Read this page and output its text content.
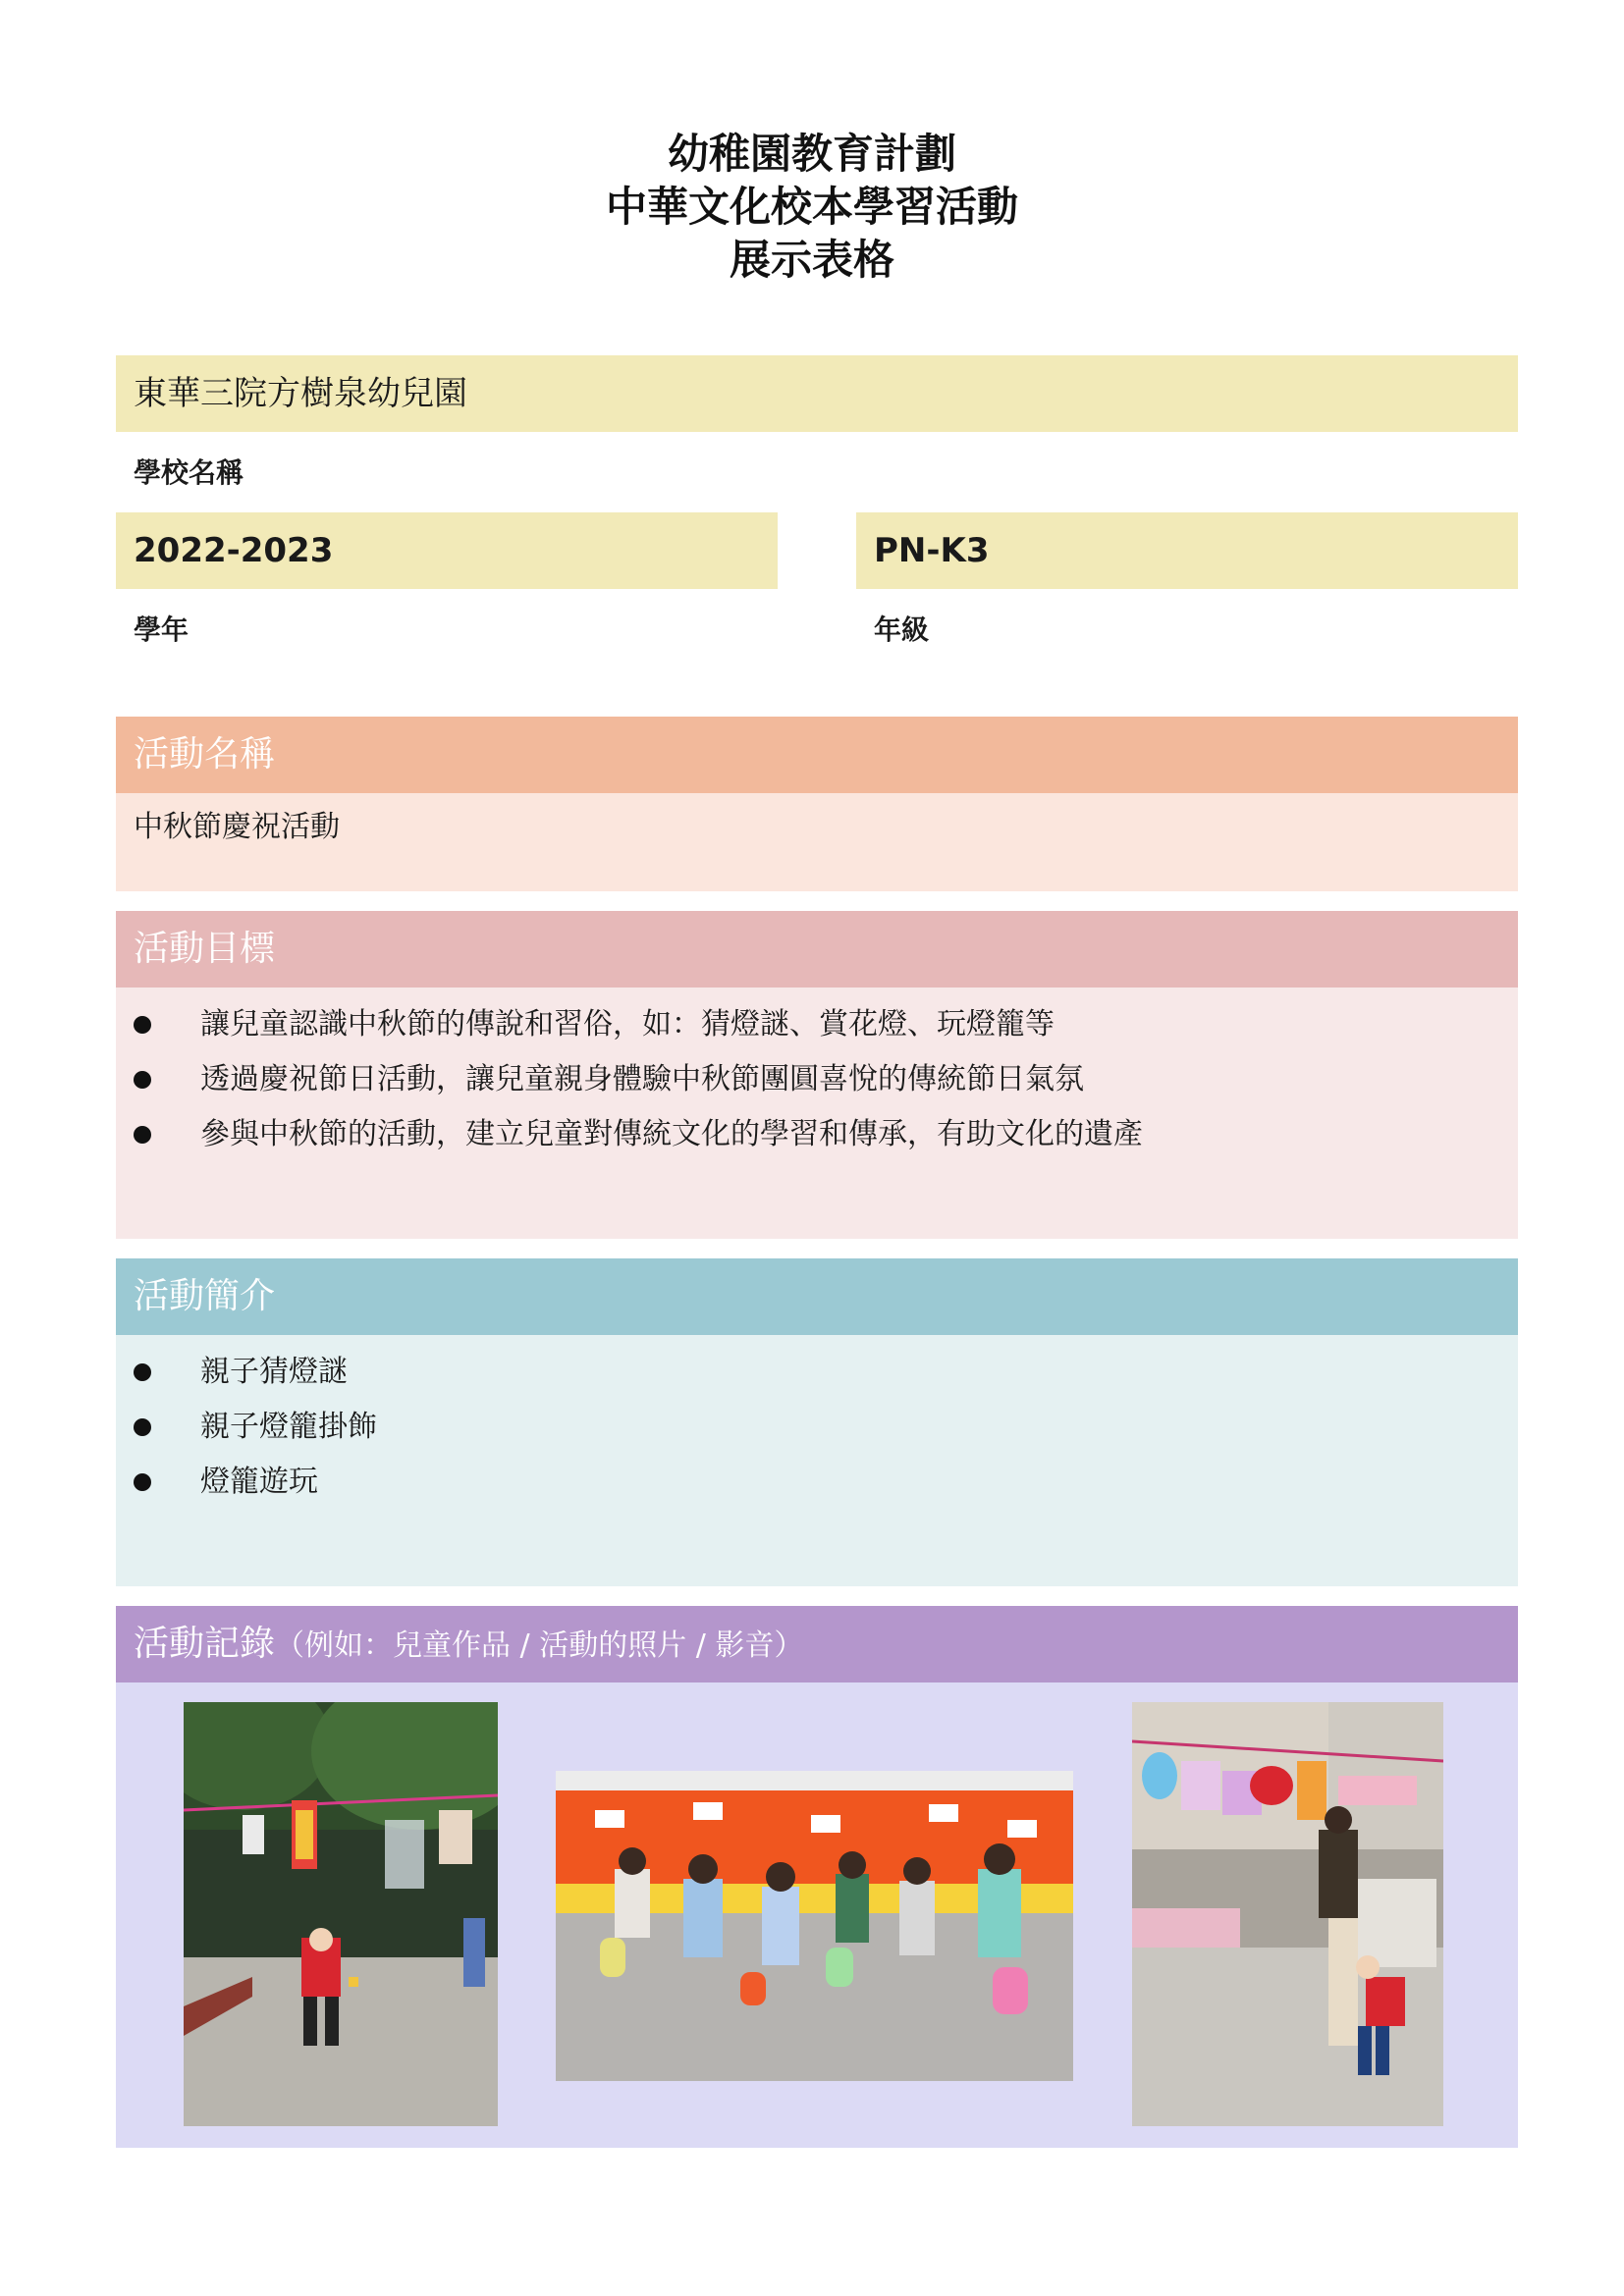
幼稚園教育計劃
中華文化校本學習活動
展示表格
東華三院方樹泉幼兒園
學校名稱
2022-2023
學年
PN-K3
年級
活動名稱
中秋節慶祝活動
活動目標
讓兒童認識中秋節的傳說和習俗，如：猜燈謎、賞花燈、玩燈籠等
透過慶祝節日活動，讓兒童親身體驗中秋節團圓喜悅的傳統節日氣氛
參與中秋節的活動，建立兒童對傳統文化的學習和傳承，有助文化的遺產
活動簡介
親子猜燈謎
親子燈籠掛飾
燈籠遊玩
活動記錄（例如：兒童作品 / 活動的照片 / 影音）
